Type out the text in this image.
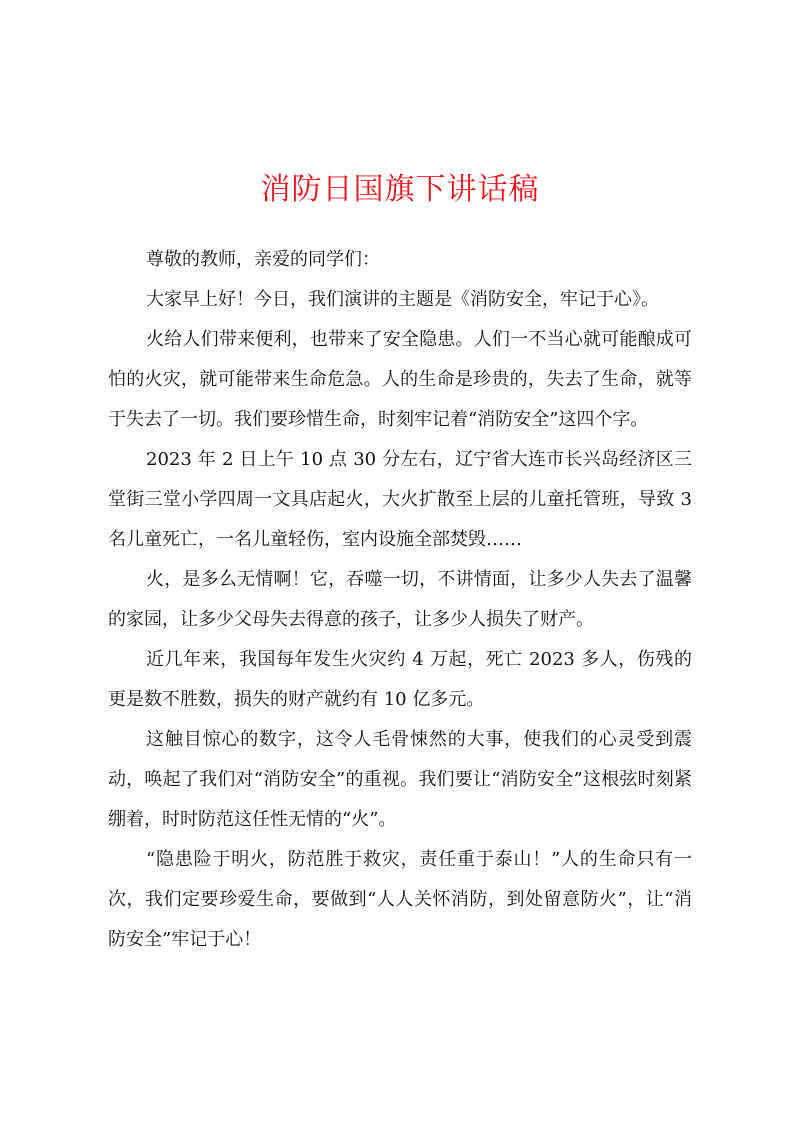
消防日国旗下讲话稿

尊敬的教师，亲爱的同学们：

大家早上好！今日，我们演讲的主题是《消防安全，牢记于心》。

火给人们带来便利，也带来了安全隐患。人们一不当心就可能酿成可怕的火灾，就可能带来生命危急。人的生命是珍贵的，失去了生命，就等于失去了一切。我们要珍惜生命，时刻牢记着“消防安全”这四个字。

2023 年 2 日上午 10 点 30 分左右，辽宁省大连市长兴岛经济区三堂街三堂小学四周一文具店起火，大火扩散至上层的儿童托管班，导致 3 名儿童死亡，一名儿童轻伤，室内设施全部焚毁……

火，是多么无情啊！它，吞噬一切，不讲情面，让多少人失去了温馨的家园，让多少父母失去得意的孩子，让多少人损失了财产。

近几年来，我国每年发生火灾约 4 万起，死亡 2023 多人，伤残的更是数不胜数，损失的财产就约有 10 亿多元。

这触目惊心的数字，这令人毛骨悚然的大事，使我们的心灵受到震动，唤起了我们对“消防安全”的重视。我们要让“消防安全”这根弦时刻紧绷着，时时防范这任性无情的“火”。

“隐患险于明火，防范胜于救灾，责任重于泰山！”人的生命只有一次，我们定要珍爱生命，要做到“人人关怀消防，到处留意防火”，让“消防安全”牢记于心！
